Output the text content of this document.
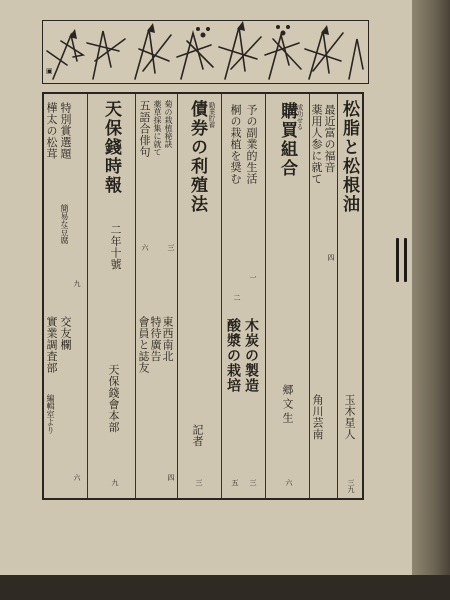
▣
特別賞選題
樺太の松茸
交友欄
實業調査部
九
六
簡易な豆腐
編輯室より
天保錢時報
二年十號
天保錢會本部
九
菊の栽植秘訣
薬草採集に就て
五語合俳句
東西南北
特待廣告
會員と誌友
三
六
四
勤業貯蓄
債券の利殖法
記者
三
予の副業的生活
桐の栽植を奨む
木炭の製造
酸漿の栽培
一
二
三
五
成功せる
購買組合
郷文生
六
最近富の福音
薬用人参に就て
角川芸南
四
松脂と松根油
玉木星人
三九
